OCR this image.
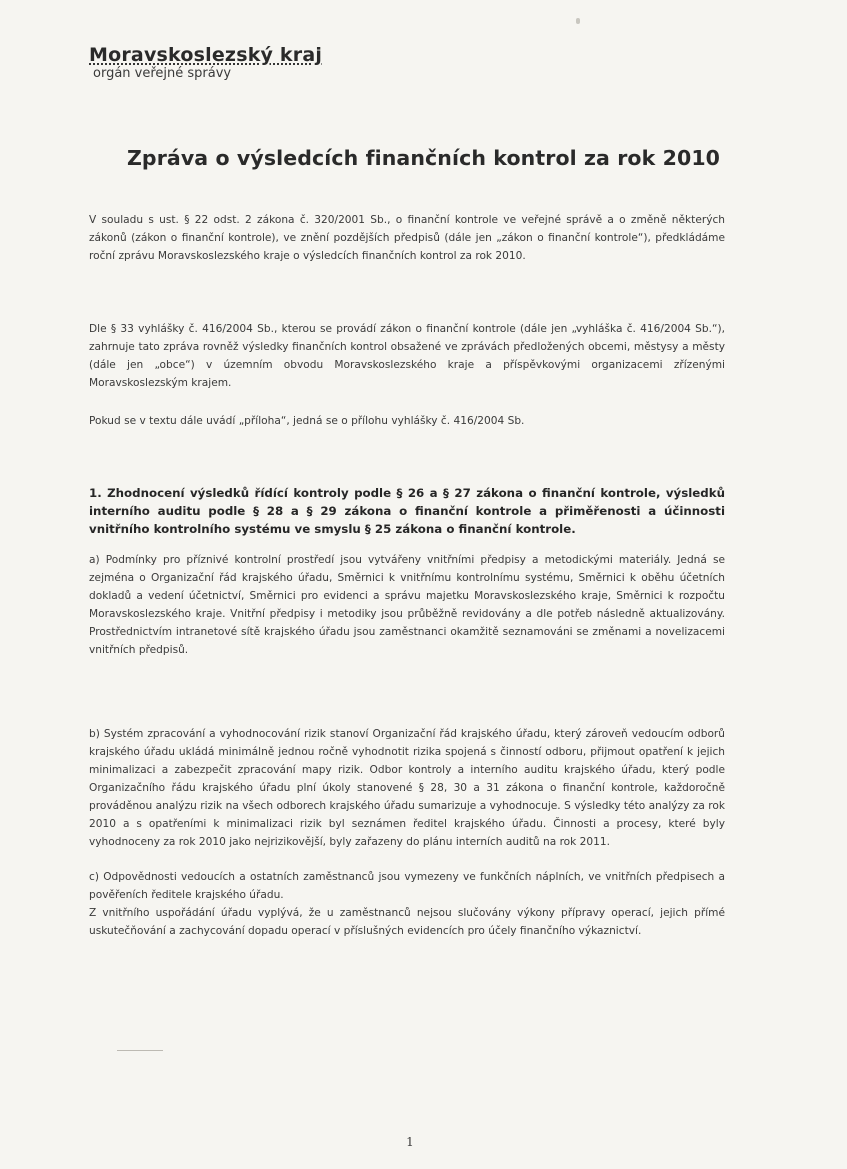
Moravskoslezský kraj
orgán veřejné správy
Zpráva o výsledcích finančních kontrol za rok 2010
V souladu s ust. § 22 odst. 2 zákona č. 320/2001 Sb., o finanční kontrole ve veřejné správě a o změně některých zákonů (zákon o finanční kontrole), ve znění pozdějších předpisů (dále jen „zákon o finanční kontrole“), předkládáme roční zprávu Moravskoslezského kraje o výsledcích finančních kontrol za rok 2010.
Dle § 33 vyhlášky č. 416/2004 Sb., kterou se provádí zákon o finanční kontrole (dále jen „vyhláška č. 416/2004 Sb.“), zahrnuje tato zpráva rovněž výsledky finančních kontrol obsažené ve zprávách předložených obcemi, městysy a městy (dále jen „obce“) v územním obvodu Moravskoslezského kraje a příspěvkovými organizacemi zřízenými Moravskoslezským krajem.
Pokud se v textu dále uvádí „příloha“, jedná se o přílohu vyhlášky č. 416/2004 Sb.
1. Zhodnocení výsledků řídící kontroly podle § 26 a § 27 zákona o finanční kontrole, výsledků interního auditu podle § 28 a § 29 zákona o finanční kontrole a přiměřenosti a účinnosti vnitřního kontrolního systému ve smyslu § 25 zákona o finanční kontrole.
a) Podmínky pro příznivé kontrolní prostředí jsou vytvářeny vnitřními předpisy a metodickými materiály. Jedná se zejména o Organizační řád krajského úřadu, Směrnici k vnitřnímu kontrolnímu systému, Směrnici k oběhu účetních dokladů a vedení účetnictví, Směrnici pro evidenci a správu majetku Moravskoslezského kraje, Směrnici k rozpočtu Moravskoslezského kraje. Vnitřní předpisy i metodiky jsou průběžně revidovány a dle potřeb následně aktualizovány. Prostřednictvím intranetové sítě krajského úřadu jsou zaměstnanci okamžitě seznamováni se změnami a novelizacemi vnitřních předpisů.
b) Systém zpracování a vyhodnocování rizik stanoví Organizační řád krajského úřadu, který zároveň vedoucím odborů krajského úřadu ukládá minimálně jednou ročně vyhodnotit rizika spojená s činností odboru, přijmout opatření k jejich minimalizaci a zabezpečit zpracování mapy rizik. Odbor kontroly a interního auditu krajského úřadu, který podle Organizačního řádu krajského úřadu plní úkoly stanovené § 28, 30 a 31 zákona o finanční kontrole, každoročně prováděnou analýzu rizik na všech odborech krajského úřadu sumarizuje a vyhodnocuje. S výsledky této analýzy za rok 2010 a s opatřeními k minimalizaci rizik byl seznámen ředitel krajského úřadu. Činnosti a procesy, které byly vyhodnoceny za rok 2010 jako nejrizikovější, byly zařazeny do plánu interních auditů na rok 2011.
c) Odpovědnosti vedoucích a ostatních zaměstnanců jsou vymezeny ve funkčních náplních, ve vnitřních předpisech a pověřeních ředitele krajského úřadu.
Z vnitřního uspořádání úřadu vyplývá, že u zaměstnanců nejsou slučovány výkony přípravy operací, jejich přímé uskutečňování a zachycování dopadu operací v příslušných evidencích pro účely finančního výkaznictví.
1
